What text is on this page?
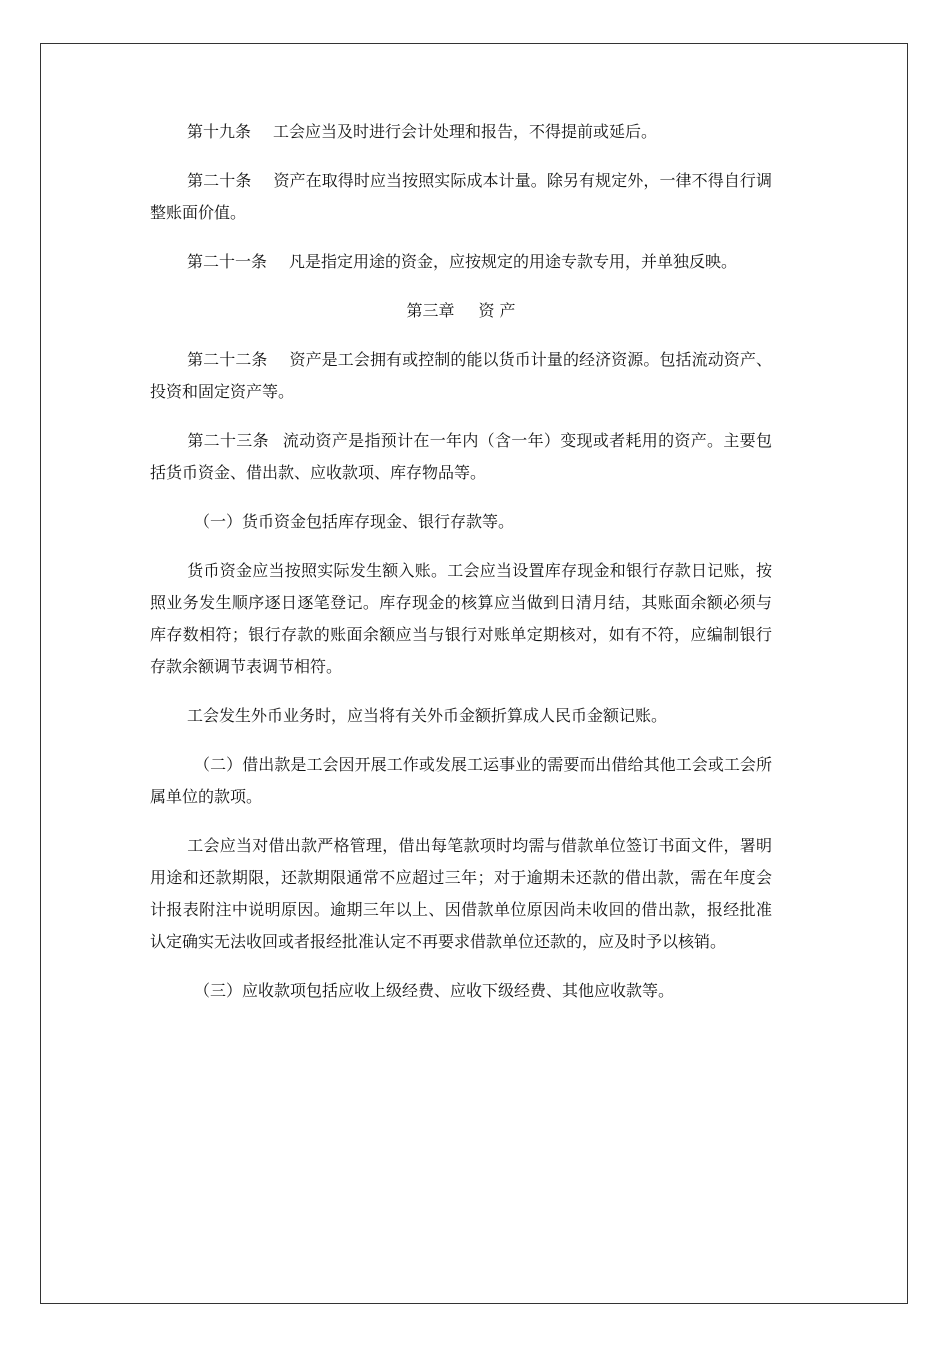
第十九条 工会应当及时进行会计处理和报告，不得提前或延后。

第二十条 资产在取得时应当按照实际成本计量。除另有规定外，一律不得自行调整账面价值。

第二十一条 凡是指定用途的资金，应按规定的用途专款专用，并单独反映。

第三章 资 产

第二十二条 资产是工会拥有或控制的能以货币计量的经济资源。包括流动资产、投资和固定资产等。

第二十三条 流动资产是指预计在一年内（含一年）变现或者耗用的资产。主要包括货币资金、借出款、应收款项、库存物品等。

（一）货币资金包括库存现金、银行存款等。

货币资金应当按照实际发生额入账。工会应当设置库存现金和银行存款日记账，按照业务发生顺序逐日逐笔登记。库存现金的核算应当做到日清月结，其账面余额必须与库存数相符；银行存款的账面余额应当与银行对账单定期核对，如有不符，应编制银行存款余额调节表调节相符。

工会发生外币业务时，应当将有关外币金额折算成人民币金额记账。

（二）借出款是工会因开展工作或发展工运事业的需要而出借给其他工会或工会所属单位的款项。

工会应当对借出款严格管理，借出每笔款项时均需与借款单位签订书面文件，署明用途和还款期限，还款期限通常不应超过三年；对于逾期未还款的借出款，需在年度会计报表附注中说明原因。逾期三年以上、因借款单位原因尚未收回的借出款，报经批准认定确实无法收回或者报经批准认定不再要求借款单位还款的，应及时予以核销。

（三）应收款项包括应收上级经费、应收下级经费、其他应收款等。
